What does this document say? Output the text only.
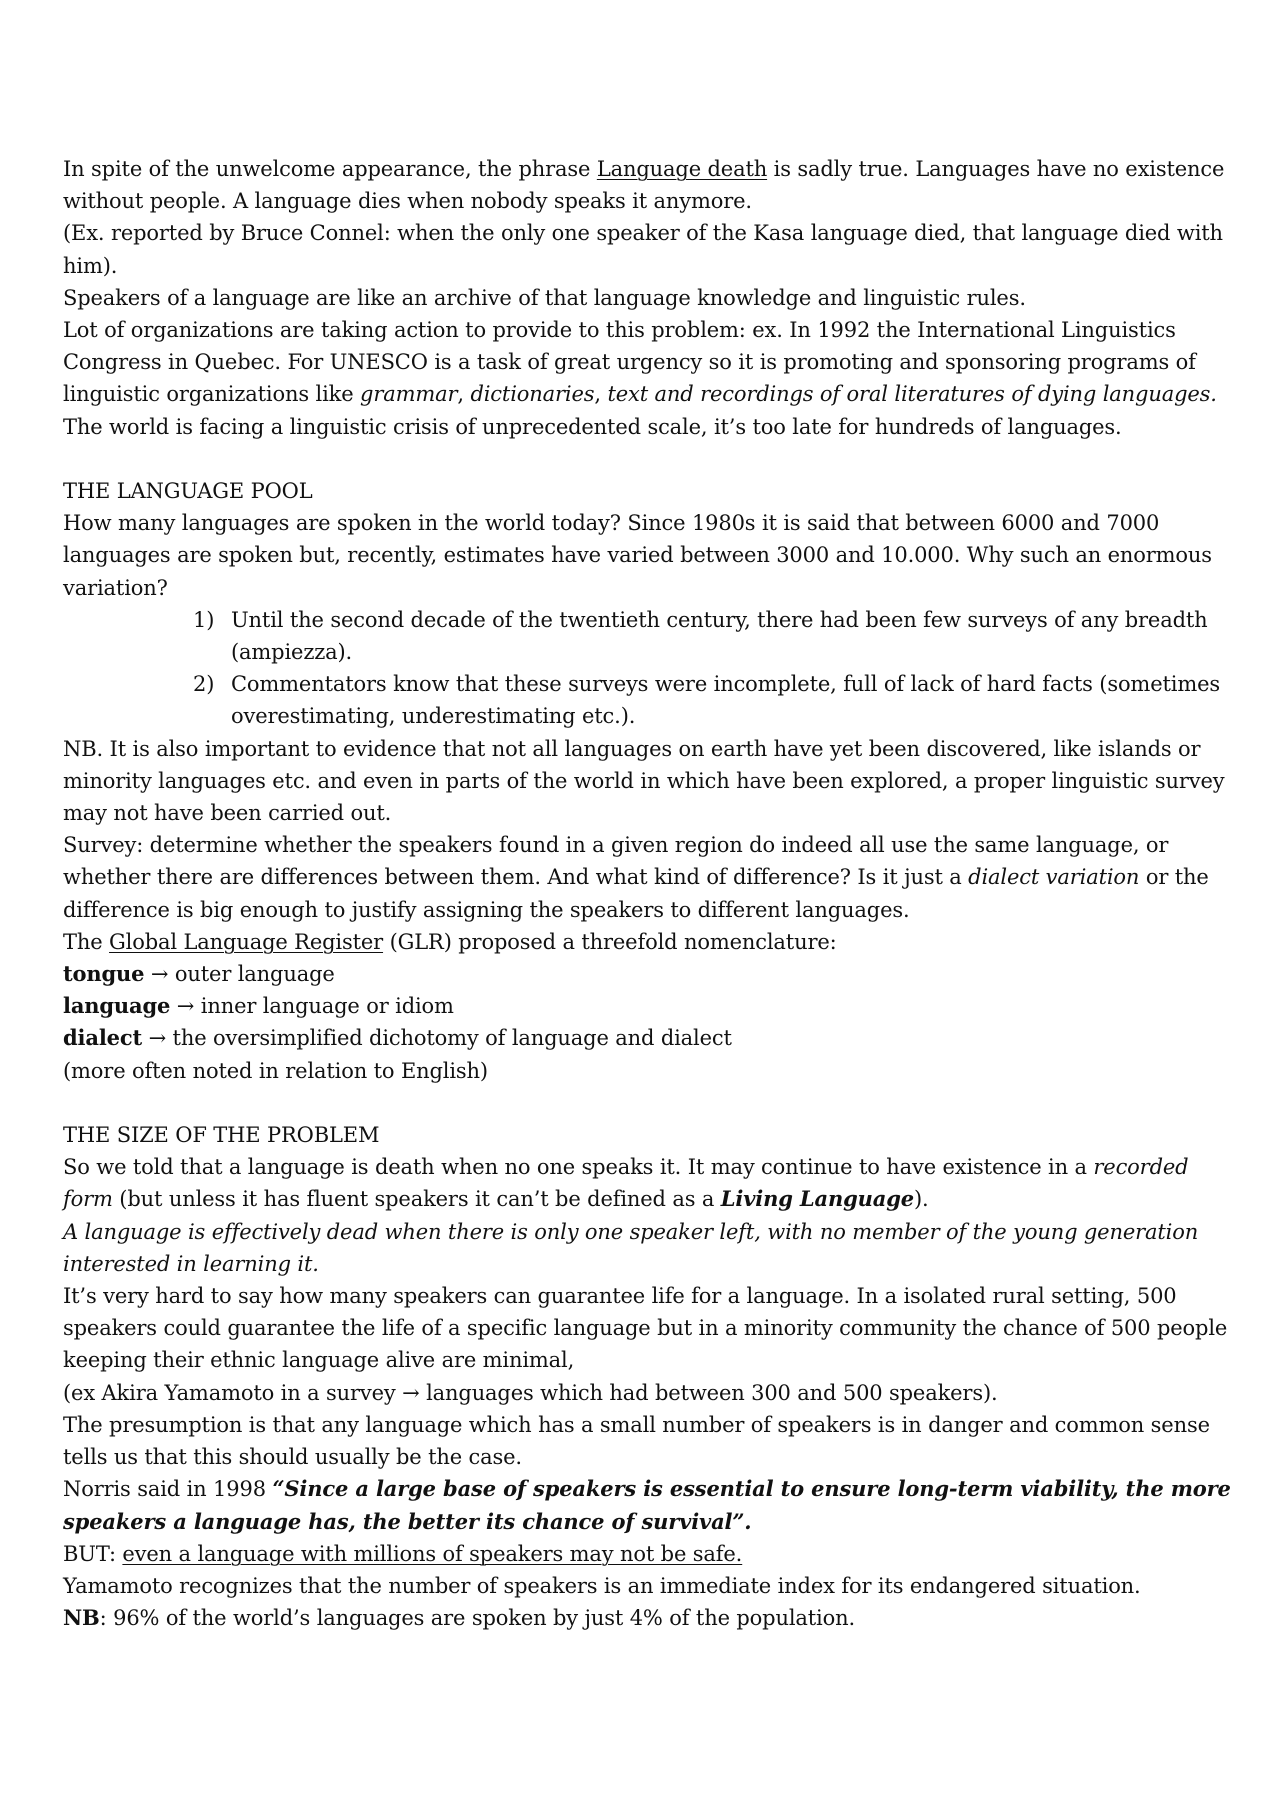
In spite of the unwelcome appearance, the phrase Language death is sadly true. Languages have no existence without people. A language dies when nobody speaks it anymore.

(Ex. reported by Bruce Connel: when the only one speaker of the Kasa language died, that language died with him).

Speakers of a language are like an archive of that language knowledge and linguistic rules.

Lot of organizations are taking action to provide to this problem: ex. In 1992 the International Linguistics Congress in Quebec. For UNESCO is a task of great urgency so it is promoting and sponsoring programs of linguistic organizations like grammar, dictionaries, text and recordings of oral literatures of dying languages.

The world is facing a linguistic crisis of unprecedented scale, it’s too late for hundreds of languages.

THE LANGUAGE POOL

How many languages are spoken in the world today? Since 1980s it is said that between 6000 and 7000 languages are spoken but, recently, estimates have varied between 3000 and 10.000. Why such an enormous variation?

1) Until the second decade of the twentieth century, there had been few surveys of any breadth (ampiezza).
2) Commentators know that these surveys were incomplete, full of lack of hard facts (sometimes overestimating, underestimating etc.).

NB. It is also important to evidence that not all languages on earth have yet been discovered, like islands or minority languages etc. and even in parts of the world in which have been explored, a proper linguistic survey may not have been carried out.

Survey: determine whether the speakers found in a given region do indeed all use the same language, or whether there are differences between them. And what kind of difference? Is it just a dialect variation or the difference is big enough to justify assigning the speakers to different languages.

The Global Language Register (GLR) proposed a threefold nomenclature:

tongue → outer language

language → inner language or idiom

dialect → the oversimplified dichotomy of language and dialect

(more often noted in relation to English)

THE SIZE OF THE PROBLEM

So we told that a language is death when no one speaks it. It may continue to have existence in a recorded form (but unless it has fluent speakers it can’t be defined as a Living Language).

A language is effectively dead when there is only one speaker left, with no member of the young generation interested in learning it.

It’s very hard to say how many speakers can guarantee life for a language. In a isolated rural setting, 500 speakers could guarantee the life of a specific language but in a minority community the chance of 500 people keeping their ethnic language alive are minimal,

(ex Akira Yamamoto in a survey → languages which had between 300 and 500 speakers).

The presumption is that any language which has a small number of speakers is in danger and common sense tells us that this should usually be the case.

Norris said in 1998 “Since a large base of speakers is essential to ensure long-term viability, the more speakers a language has, the better its chance of survival”.

BUT: even a language with millions of speakers may not be safe.

Yamamoto recognizes that the number of speakers is an immediate index for its endangered situation.

NB: 96% of the world’s languages are spoken by just 4% of the population.
